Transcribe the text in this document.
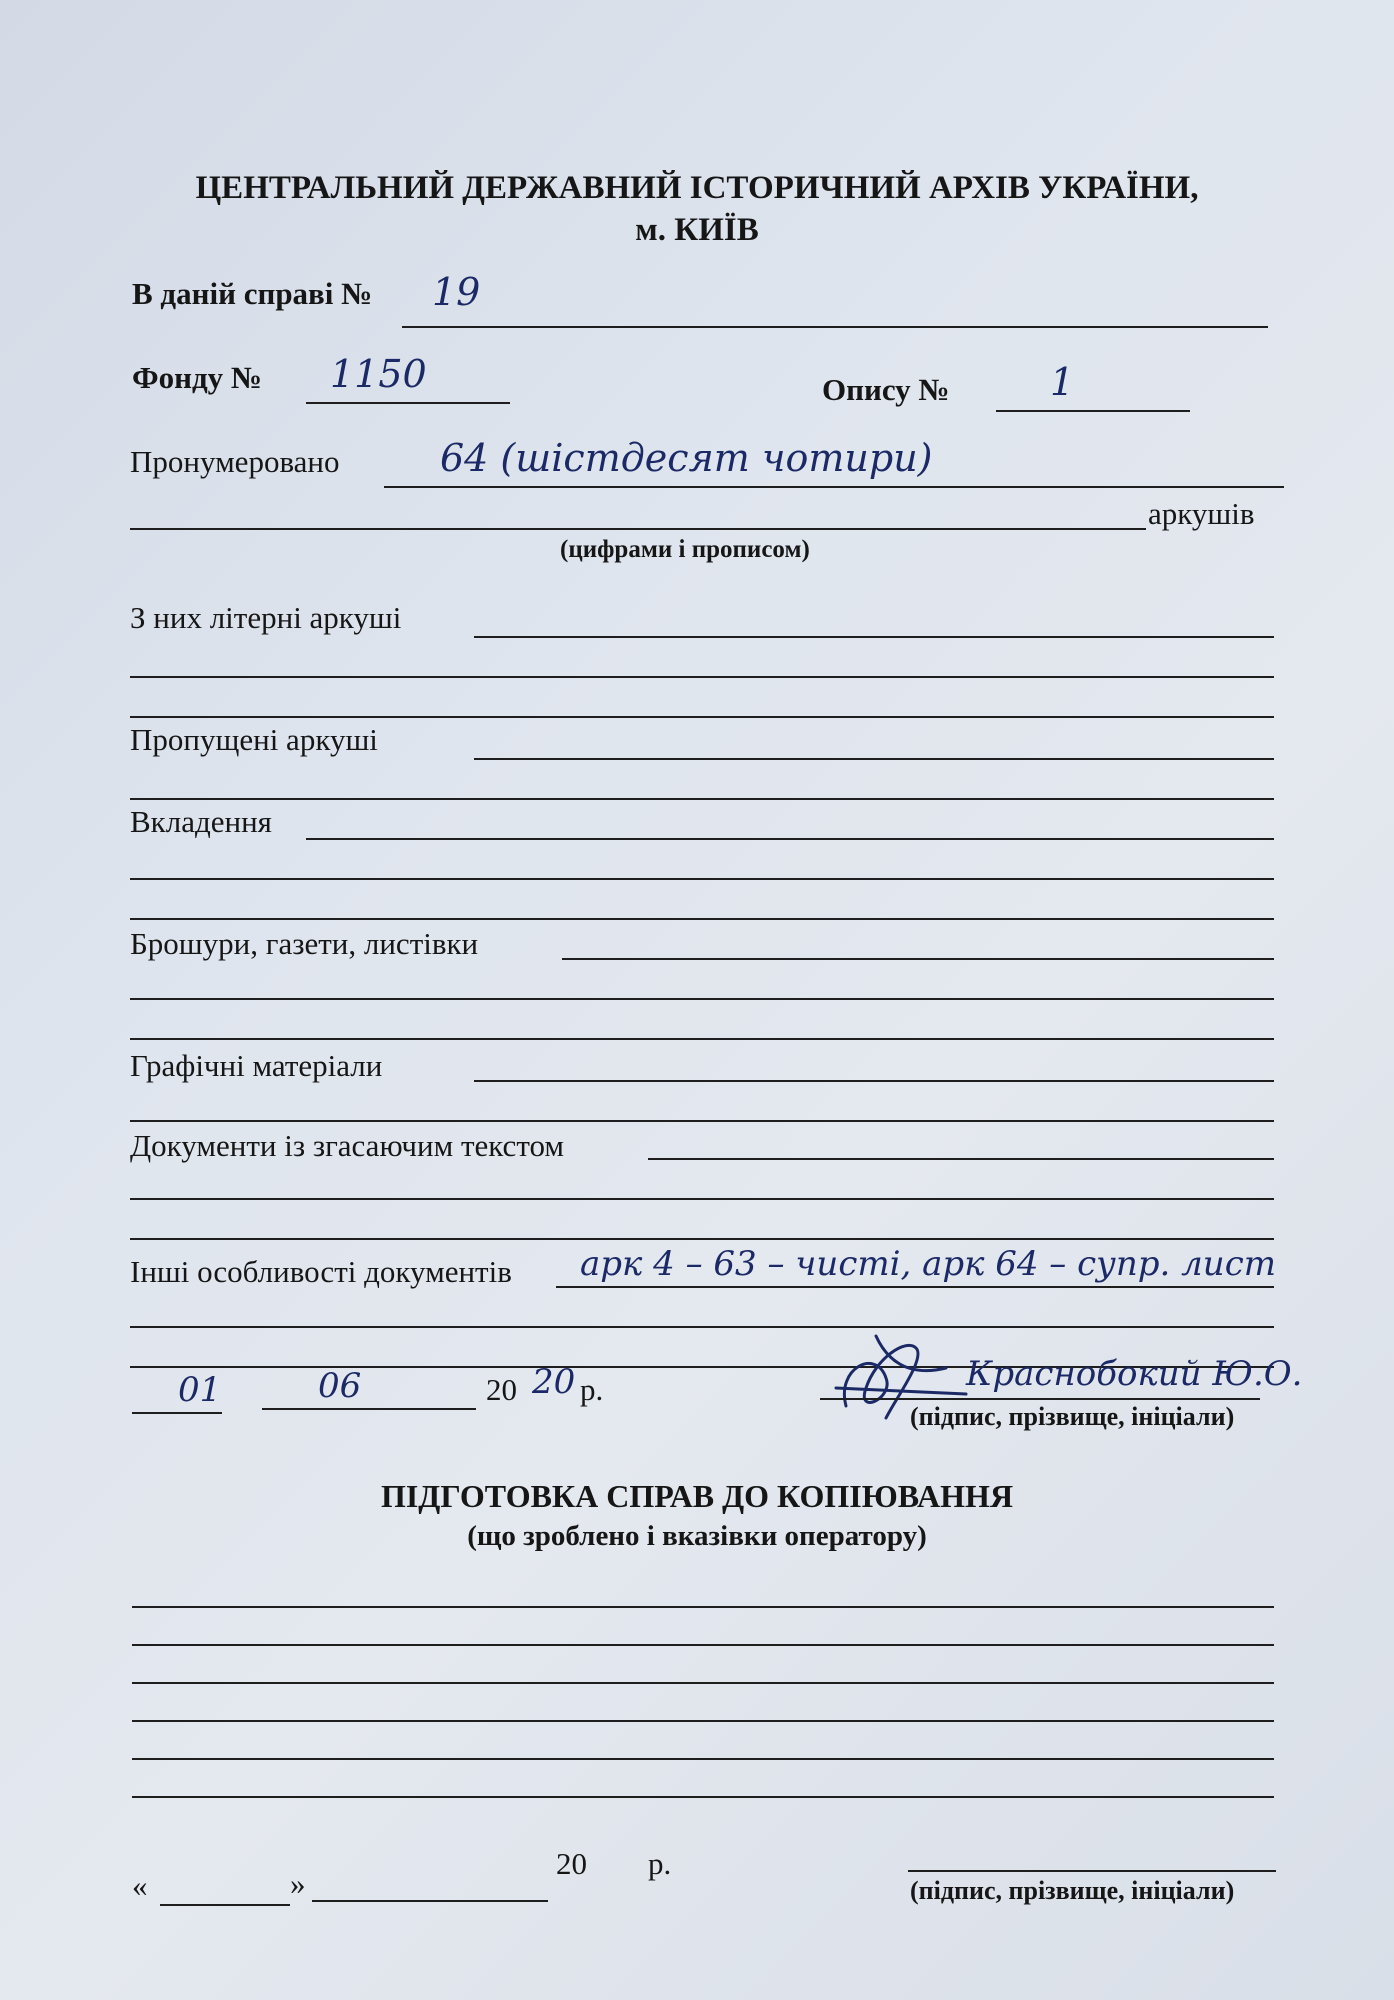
ЦЕНТРАЛЬНИЙ ДЕРЖАВНИЙ ІСТОРИЧНИЙ АРХІВ УКРАЇНИ,
м. КИЇВ
В даній справі № 19
Фонду № 1150	Опису №	1
Пронумеровано	64 (шістдесят чотири)
аркушів
(цифрами і прописом)
З них літерні аркуші
Пропущені аркуші
Вкладення
Брошури, газети, листівки
Графічні матеріали
Документи із згасаючим текстом
Інші особливості документів арк 4 – 63 – чисті, арк 64 – супр. лист
01	06	20 20 р.	Краснобокий Ю.О.
(підпис, прізвище, ініціали)
ПІДГОТОВКА СПРАВ ДО КОПІЮВАННЯ
(що зроблено і вказівки оператору)
«	»
20 р.
(підпис, прізвище, ініціали)
